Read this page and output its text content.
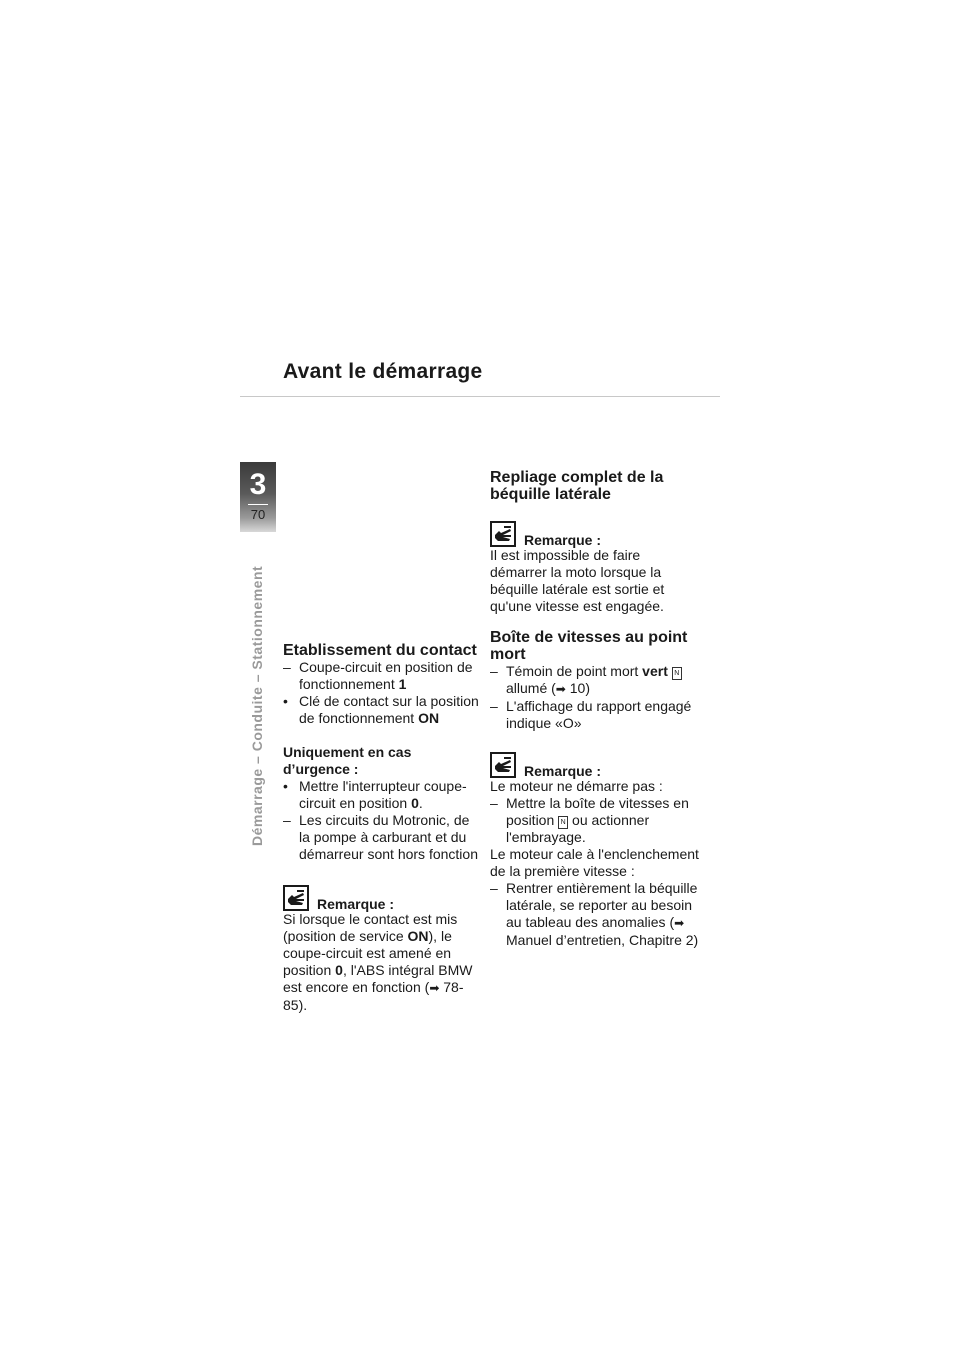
Avant le démarrage
3
70
Démarrage – Conduite – Stationnement Etablissement du contact
– Coupe-circuit en position de fonctionnement 1
• Clé de contact sur la position de fonctionnement ON

Uniquement en cas
d’urgence :

• Mettre l'interrupteur coupe-circuit en position 0.
– Les circuits du Motronic, de la pompe à carburant et du démarreur sont hors fonction
Remarque :

Si lorsque le contact est mis (position de service ON), le coupe-circuit est amené en position 0, l'ABS intégral BMW est encore en fonction (➡ 78-85).

Repliage complet de la
béquille latérale
Remarque :

Il est impossible de faire démarrer la moto lorsque la béquille latérale est sortie et qu'une vitesse est engagée.

Boîte de vitesses au point
mort
– Témoin de point mort vert N
allumé (➡ 10)
– L'affichage du rapport engagé indique «O»
Remarque :

Le moteur ne démarre pas :

– Mettre la boîte de vitesses en position N ou actionner l'embrayage.

Le moteur cale à l'enclenchement de la première vitesse :

– Rentrer entièrement la béquille latérale, se reporter au besoin au tableau des anomalies (➡ Manuel d’entretien, Chapitre 2)
